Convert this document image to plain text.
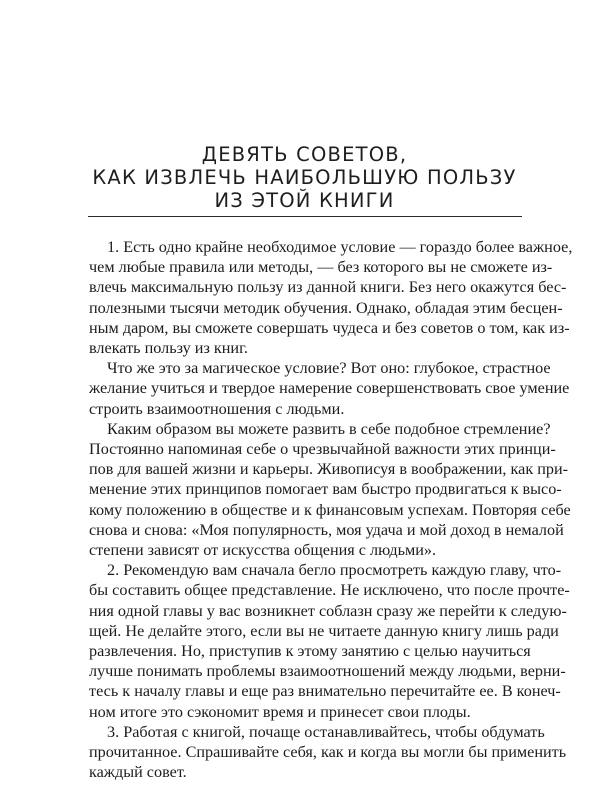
ДЕВЯТЬ СОВЕТОВ,
КАК ИЗВЛЕЧЬ НАИБОЛЬШУЮ ПОЛЬЗУ
ИЗ ЭТОЙ КНИГИ

1. Есть одно крайне необходимое условие — гораздо более важное,
чем любые правила или методы, — без которого вы не сможете из-
влечь максимальную пользу из данной книги. Без него окажутся бес-
полезными тысячи методик обучения. Однако, обладая этим бесцен-
ным даром, вы сможете совершать чудеса и без советов о том, как из-
влекать пользу из книг.

Что же это за магическое условие? Вот оно: глубокое, страстное
желание учиться и твердое намерение совершенствовать свое умение
строить взаимоотношения с людьми.

Каким образом вы можете развить в себе подобное стремление?
Постоянно напоминая себе о чрезвычайной важности этих принци-
пов для вашей жизни и карьеры. Живописуя в воображении, как при-
менение этих принципов помогает вам быстро продвигаться к высо-
кому положению в обществе и к финансовым успехам. Повторяя себе
снова и снова: «Моя популярность, моя удача и мой доход в немалой
степени зависят от искусства общения с людьми».

2. Рекомендую вам сначала бегло просмотреть каждую главу, что-
бы составить общее представление. Не исключено, что после прочте-
ния одной главы у вас возникнет соблазн сразу же перейти к следую-
щей. Не делайте этого, если вы не читаете данную книгу лишь ради
развлечения. Но, приступив к этому занятию с целью научиться
лучше понимать проблемы взаимоотношений между людьми, верни-
тесь к началу главы и еще раз внимательно перечитайте ее. В конеч-
ном итоге это сэкономит время и принесет свои плоды.

3. Работая с книгой, почаще останавливайтесь, чтобы обдумать
прочитанное. Спрашивайте себя, как и когда вы могли бы применить
каждый совет.
